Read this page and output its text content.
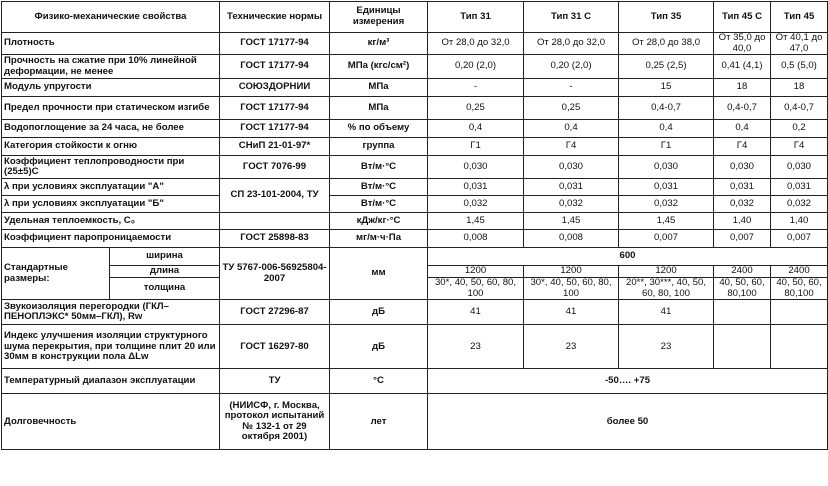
Физико-механические свойства		Технические нормы	Единицы измерения	Тип 31	Тип 31 С	Тип 35	Тип 45 С	Тип 45
Плотность		ГОСТ 17177-94	кг/м³	От 28,0 до 32,0	От 28,0 до 32,0	От 28,0 до 38,0	От 35,0 до 40,0	От 40,1 до 47,0
Прочность на сжатие при 10% линейной деформации, не менее		ГОСТ 17177-94	МПа (кгс/см²)	0,20 (2,0)	0,20 (2,0)	0,25 (2,5)	0,41 (4,1)	0,5 (5,0)
Модуль упругости		СОЮЗДОРНИИ	МПа	-	-	15	18	18
Предел прочности при статическом изгибе		ГОСТ 17177-94	МПа	0,25	0,25	0,4-0,7	0,4-0,7	0,4-0,7
Водопоглощение за 24 часа, не более		ГОСТ 17177-94	% по объему	0,4	0,4	0,4	0,4	0,2
Категория стойкости к огню		СНиП 21-01-97*	группа	Г1	Г4	Г1	Г4	Г4
Коэффициент теплопроводности при (25±5)С		ГОСТ 7076-99	Вт/м·°С	0,030	0,030	0,030	0,030	0,030
λ при условиях эксплуатации "А"		СП 23-101-2004, ТУ	Вт/м·°С	0,031	0,031	0,031	0,031	0,031
λ при условиях эксплуатации "Б"			Вт/м·°С	0,032	0,032	0,032	0,032	0,032
Удельная теплоемкость, С₀			кДж/кг·°С	1,45	1,45	1,45	1,40	1,40
Коэффициент паропроницаемости		ГОСТ 25898-83	мг/м·ч·Па	0,008	0,008	0,007	0,007	0,007
Стандартные размеры:	ширина	ТУ 5767-006-56925804-2007	мм	600				
	длина			1200	1200	1200	2400	2400
	толщина			30*, 40, 50, 60, 80, 100	30*, 40, 50, 60, 80, 100	20**, 30***, 40, 50, 60, 80, 100	40, 50, 60, 80,100	40, 50, 60, 80,100
Звукоизоляция перегородки (ГКЛ–ПЕНОПЛЭКС* 50мм–ГКЛ), Rw		ГОСТ 27296-87	дБ	41	41	41		
Индекс улучшения изоляции структурного шума перекрытия, при толщине плит 20 или 30мм в конструкции пола ΔLw		ГОСТ 16297-80	дБ	23	23	23		
Температурный диапазон эксплуатации		ТУ	°С	-50…. +75				
Долговечность		(НИИСФ, г. Москва, протокол испытаний № 132-1 от 29 октября 2001)	лет	более 50				
